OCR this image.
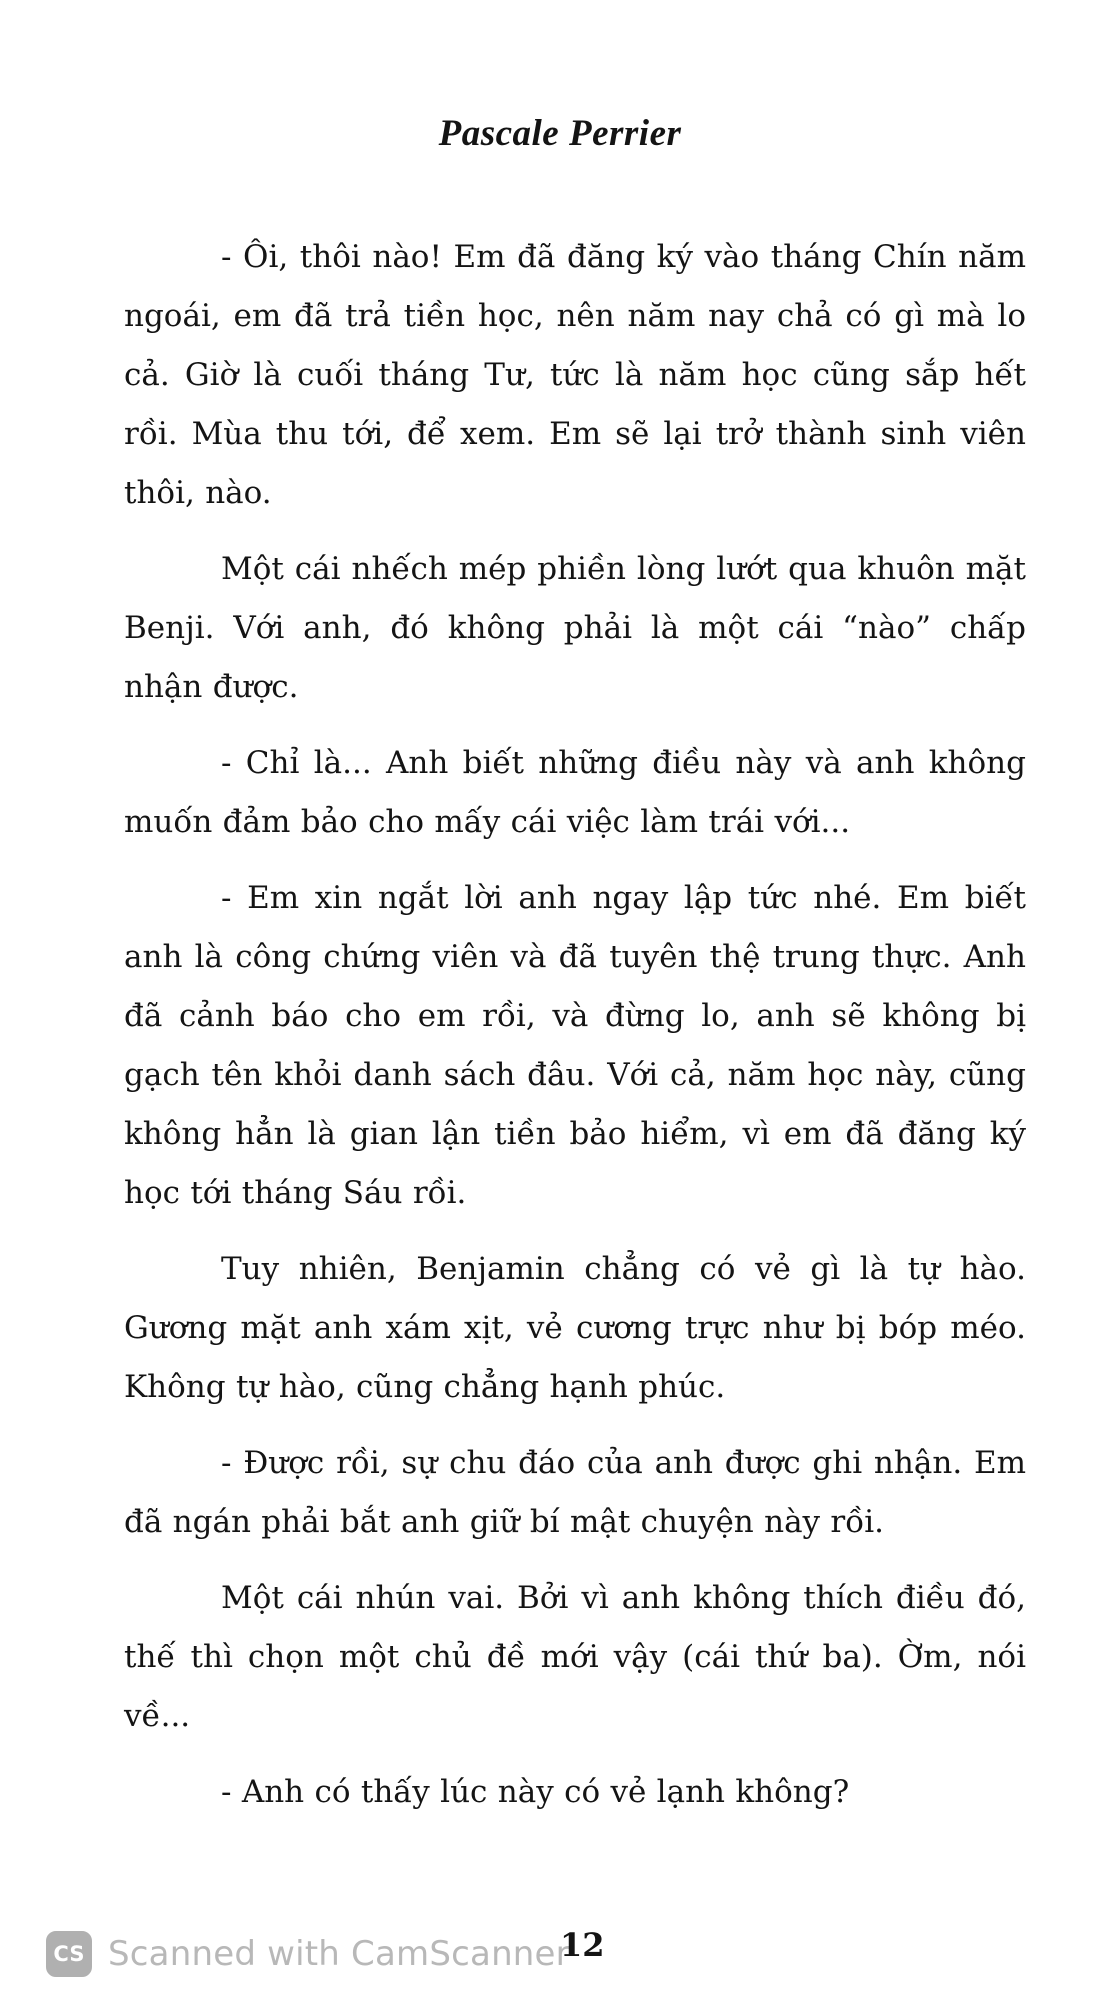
Pascale Perrier

- Ôi, thôi nào! Em đã đăng ký vào tháng Chín năm ngoái, em đã trả tiền học, nên năm nay chả có gì mà lo cả. Giờ là cuối tháng Tư, tức là năm học cũng sắp hết rồi. Mùa thu tới, để xem. Em sẽ lại trở thành sinh viên thôi, nào.

Một cái nhếch mép phiền lòng lướt qua khuôn mặt Benji. Với anh, đó không phải là một cái “nào” chấp nhận được.

- Chỉ là... Anh biết những điều này và anh không muốn đảm bảo cho mấy cái việc làm trái với...

- Em xin ngắt lời anh ngay lập tức nhé. Em biết anh là công chứng viên và đã tuyên thệ trung thực. Anh đã cảnh báo cho em rồi, và đừng lo, anh sẽ không bị gạch tên khỏi danh sách đâu. Với cả, năm học này, cũng không hẳn là gian lận tiền bảo hiểm, vì em đã đăng ký học tới tháng Sáu rồi.

Tuy nhiên, Benjamin chẳng có vẻ gì là tự hào. Gương mặt anh xám xịt, vẻ cương trực như bị bóp méo. Không tự hào, cũng chẳng hạnh phúc.

- Được rồi, sự chu đáo của anh được ghi nhận. Em đã ngán phải bắt anh giữ bí mật chuyện này rồi.

Một cái nhún vai. Bởi vì anh không thích điều đó, thế thì chọn một chủ đề mới vậy (cái thứ ba). Ờm, nói về...

- Anh có thấy lúc này có vẻ lạnh không?

CS Scanned with CamScanner
12
